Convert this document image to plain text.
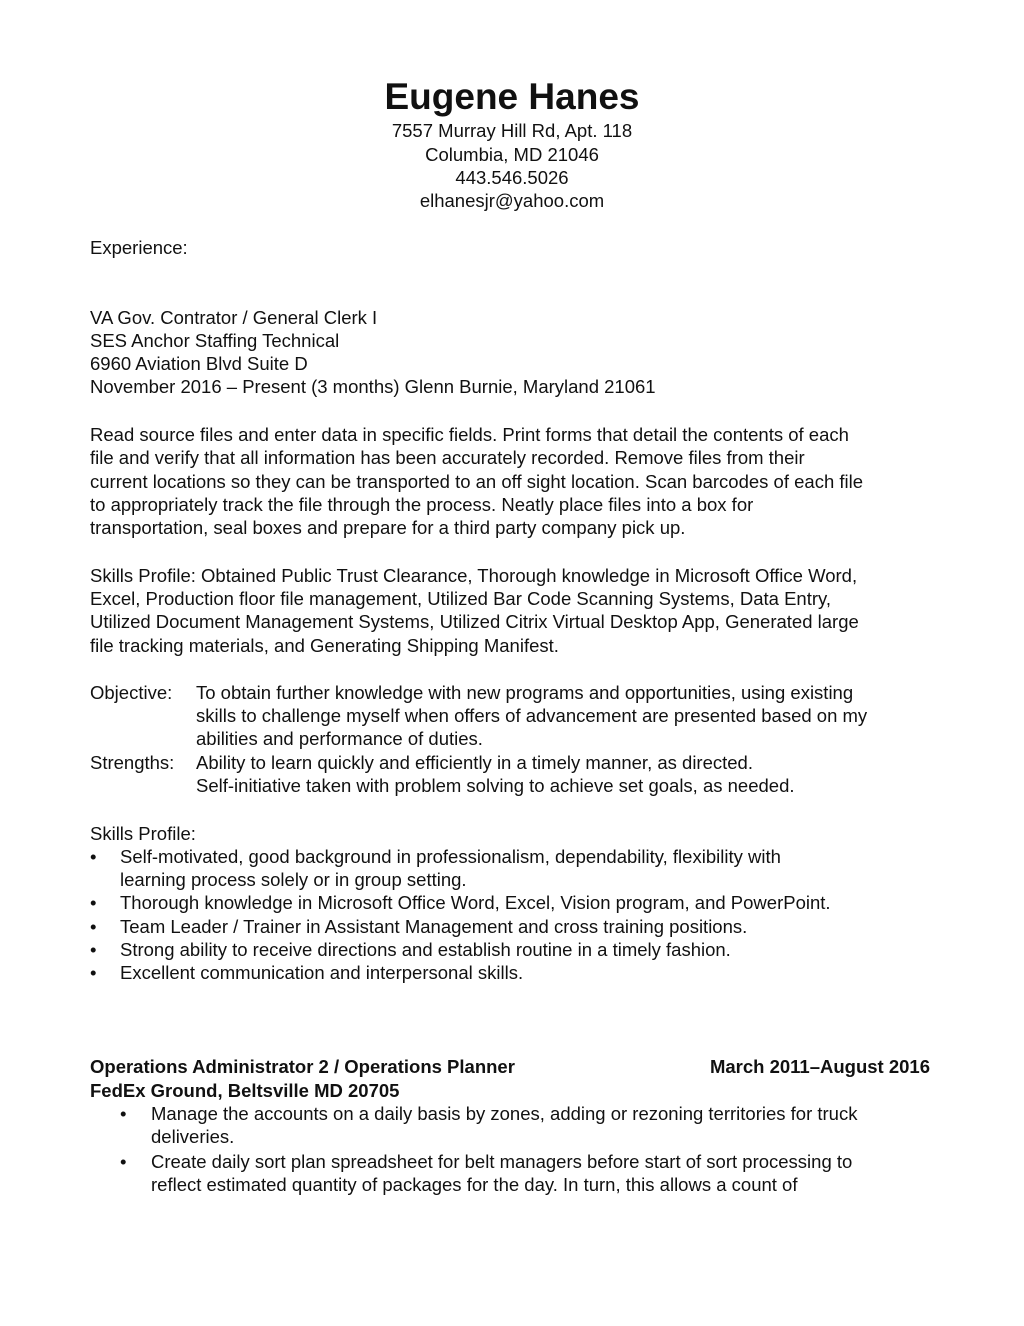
Eugene Hanes
7557 Murray Hill Rd, Apt. 118
Columbia, MD 21046
443.546.5026
elhanesjr@yahoo.com
Experience:
VA Gov. Contrator / General Clerk I
SES Anchor Staffing Technical
6960 Aviation Blvd Suite D
November 2016 – Present (3 months) Glenn Burnie, Maryland 21061
Read source files and enter data in specific fields. Print forms that detail the contents of each
file and verify that all information has been accurately recorded. Remove files from their
current locations so they can be transported to an off sight location. Scan barcodes of each file
to appropriately track the file through the process. Neatly place files into a box for
transportation, seal boxes and prepare for a third party company pick up.
Skills Profile: Obtained Public Trust Clearance, Thorough knowledge in Microsoft Office Word,
Excel, Production floor file management, Utilized Bar Code Scanning Systems, Data Entry,
Utilized Document Management Systems, Utilized Citrix Virtual Desktop App, Generated large
file tracking materials, and Generating Shipping Manifest.
Objective: To obtain further knowledge with new programs and opportunities, using existing
skills to challenge myself when offers of advancement are presented based on my
abilities and performance of duties.
Strengths: Ability to learn quickly and efficiently in a timely manner, as directed.
Self-initiative taken with problem solving to achieve set goals, as needed.
Skills Profile:
• Self-motivated, good background in professionalism, dependability, flexibility with
learning process solely or in group setting.
• Thorough knowledge in Microsoft Office Word, Excel, Vision program, and PowerPoint.
• Team Leader / Trainer in Assistant Management and cross training positions.
• Strong ability to receive directions and establish routine in a timely fashion.
• Excellent communication and interpersonal skills.
Operations Administrator 2 / Operations Planner	March 2011–August 2016
FedEx Ground, Beltsville MD 20705
• Manage the accounts on a daily basis by zones, adding or rezoning territories for truck
deliveries.
• Create daily sort plan spreadsheet for belt managers before start of sort processing to
reflect estimated quantity of packages for the day. In turn, this allows a count of
